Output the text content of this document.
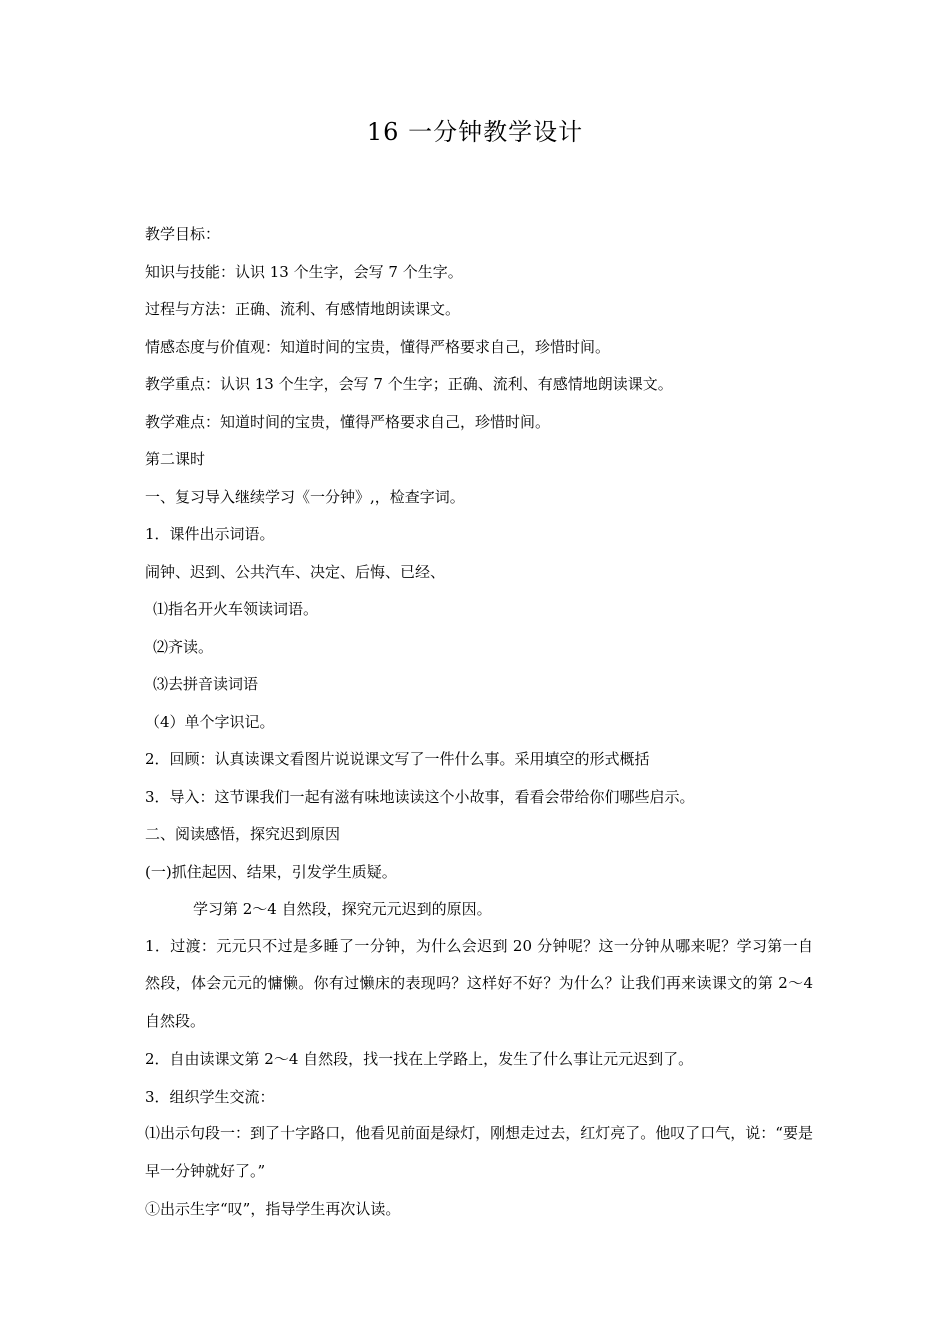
16 一分钟教学设计
教学目标：
知识与技能：认识 13 个生字，会写 7 个生字。
过程与方法：正确、流利、有感情地朗读课文。
情感态度与价值观：知道时间的宝贵，懂得严格要求自己，珍惜时间。
教学重点：认识 13 个生字，会写 7 个生字；正确、流利、有感情地朗读课文。
教学难点：知道时间的宝贵，懂得严格要求自己，珍惜时间。
第二课时
一、复习导入继续学习《一分钟》,，检查字词。
1．课件出示词语。
闹钟、迟到、公共汽车、决定、后悔、已经、
⑴指名开火车领读词语。
⑵齐读。
⑶去拼音读词语
（4）单个字识记。
2．回顾：认真读课文看图片说说课文写了一件什么事。采用填空的形式概括
3．导入：这节课我们一起有滋有味地读读这个小故事，看看会带给你们哪些启示。
二、阅读感悟，探究迟到原因
(一)抓住起因、结果，引发学生质疑。
学习第 2～4 自然段，探究元元迟到的原因。
1．过渡：元元只不过是多睡了一分钟，为什么会迟到 20 分钟呢？这一分钟从哪来呢？学习第一自然段，体会元元的慵懒。你有过懒床的表现吗？这样好不好？为什么？让我们再来读课文的第 2～4 自然段。
2．自由读课文第 2～4 自然段，找一找在上学路上，发生了什么事让元元迟到了。
3．组织学生交流：
⑴出示句段一：到了十字路口，他看见前面是绿灯，刚想走过去，红灯亮了。他叹了口气，说：“要是早一分钟就好了。”
①出示生字“叹”，指导学生再次认读。
